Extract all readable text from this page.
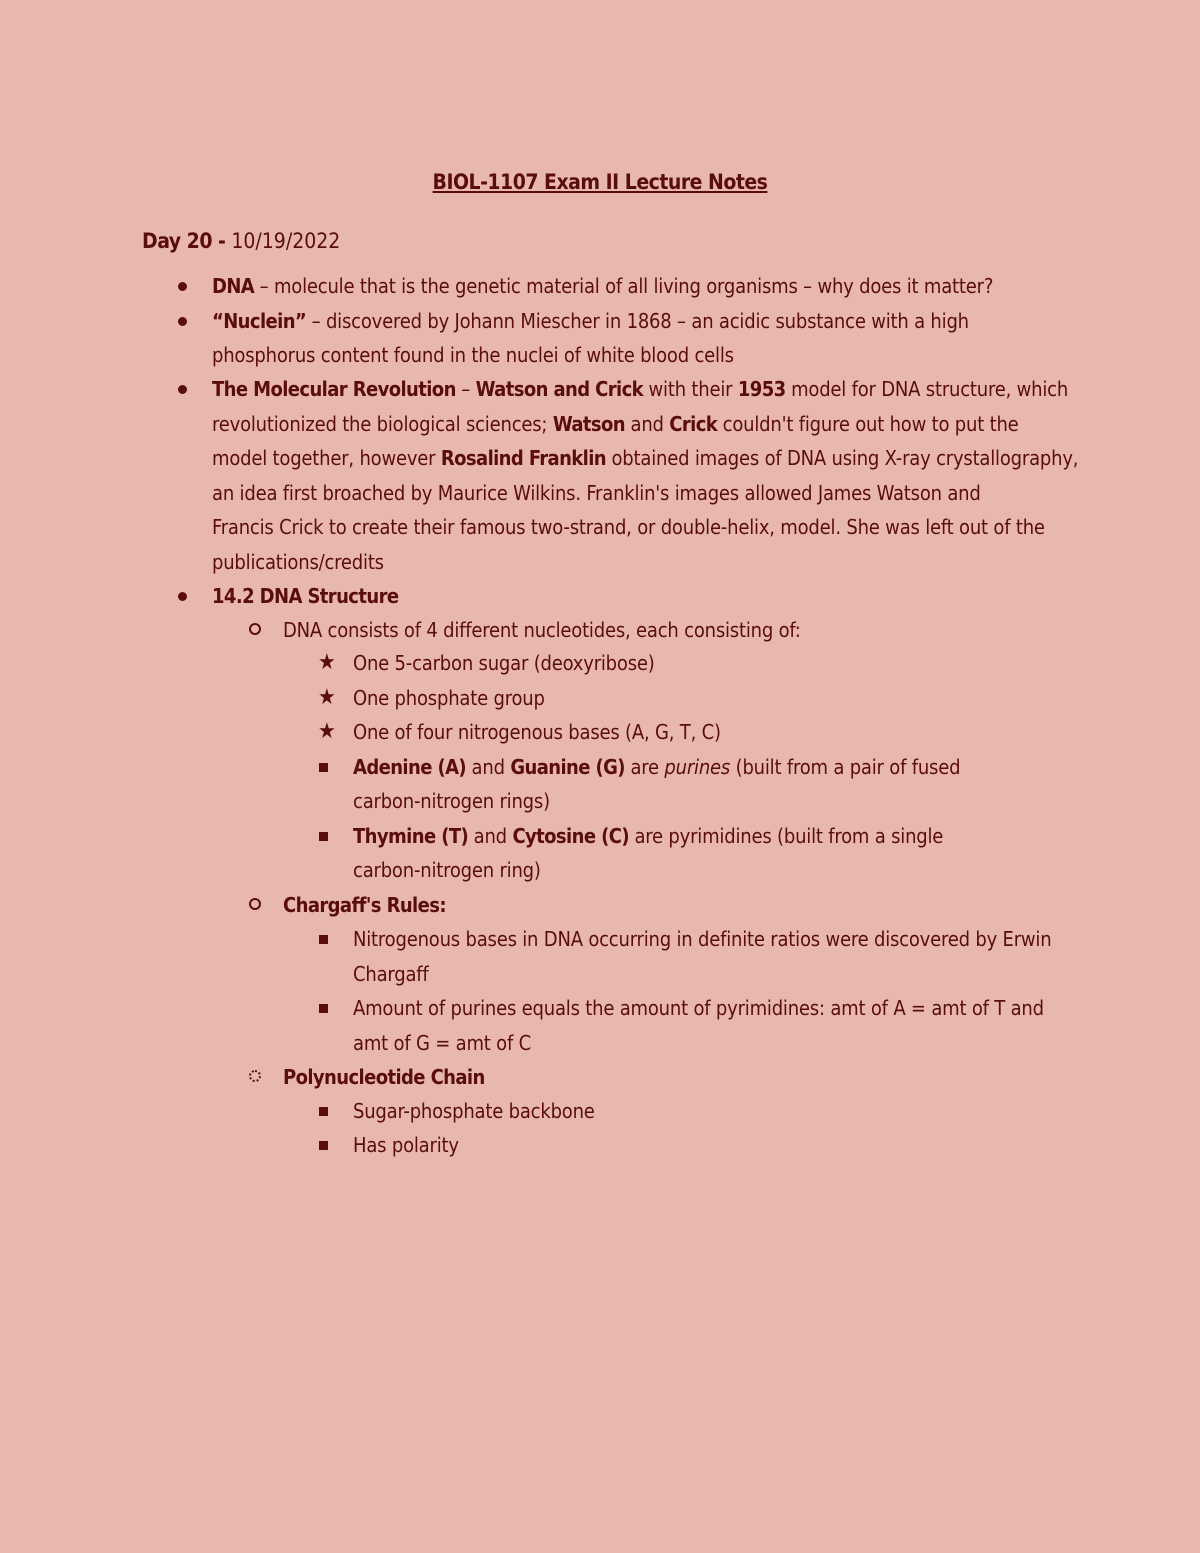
BIOL-1107 Exam II Lecture Notes
Day 20 - 10/19/2022
DNA – molecule that is the genetic material of all living organisms – why does it matter?
“Nuclein” – discovered by Johann Miescher in 1868 – an acidic substance with a high
phosphorus content found in the nuclei of white blood cells
The Molecular Revolution – Watson and Crick with their 1953 model for DNA structure, which
revolutionized the biological sciences; Watson and Crick couldn't figure out how to put the
model together, however Rosalind Franklin obtained images of DNA using X-ray crystallography,
an idea first broached by Maurice Wilkins. Franklin's images allowed James Watson and
Francis Crick to create their famous two-strand, or double-helix, model. She was left out of the
publications/credits
14.2 DNA Structure
DNA consists of 4 different nucleotides, each consisting of:
★ One 5-carbon sugar (deoxyribose)
★ One phosphate group
★ One of four nitrogenous bases (A, G, T, C)
Adenine (A) and Guanine (G) are purines (built from a pair of fused
carbon-nitrogen rings)
Thymine (T) and Cytosine (C) are pyrimidines (built from a single
carbon-nitrogen ring)
Chargaff's Rules:
Nitrogenous bases in DNA occurring in definite ratios were discovered by Erwin
Chargaff
Amount of purines equals the amount of pyrimidines: amt of A = amt of T and
amt of G = amt of C
Polynucleotide Chain
Sugar-phosphate backbone
Has polarity
